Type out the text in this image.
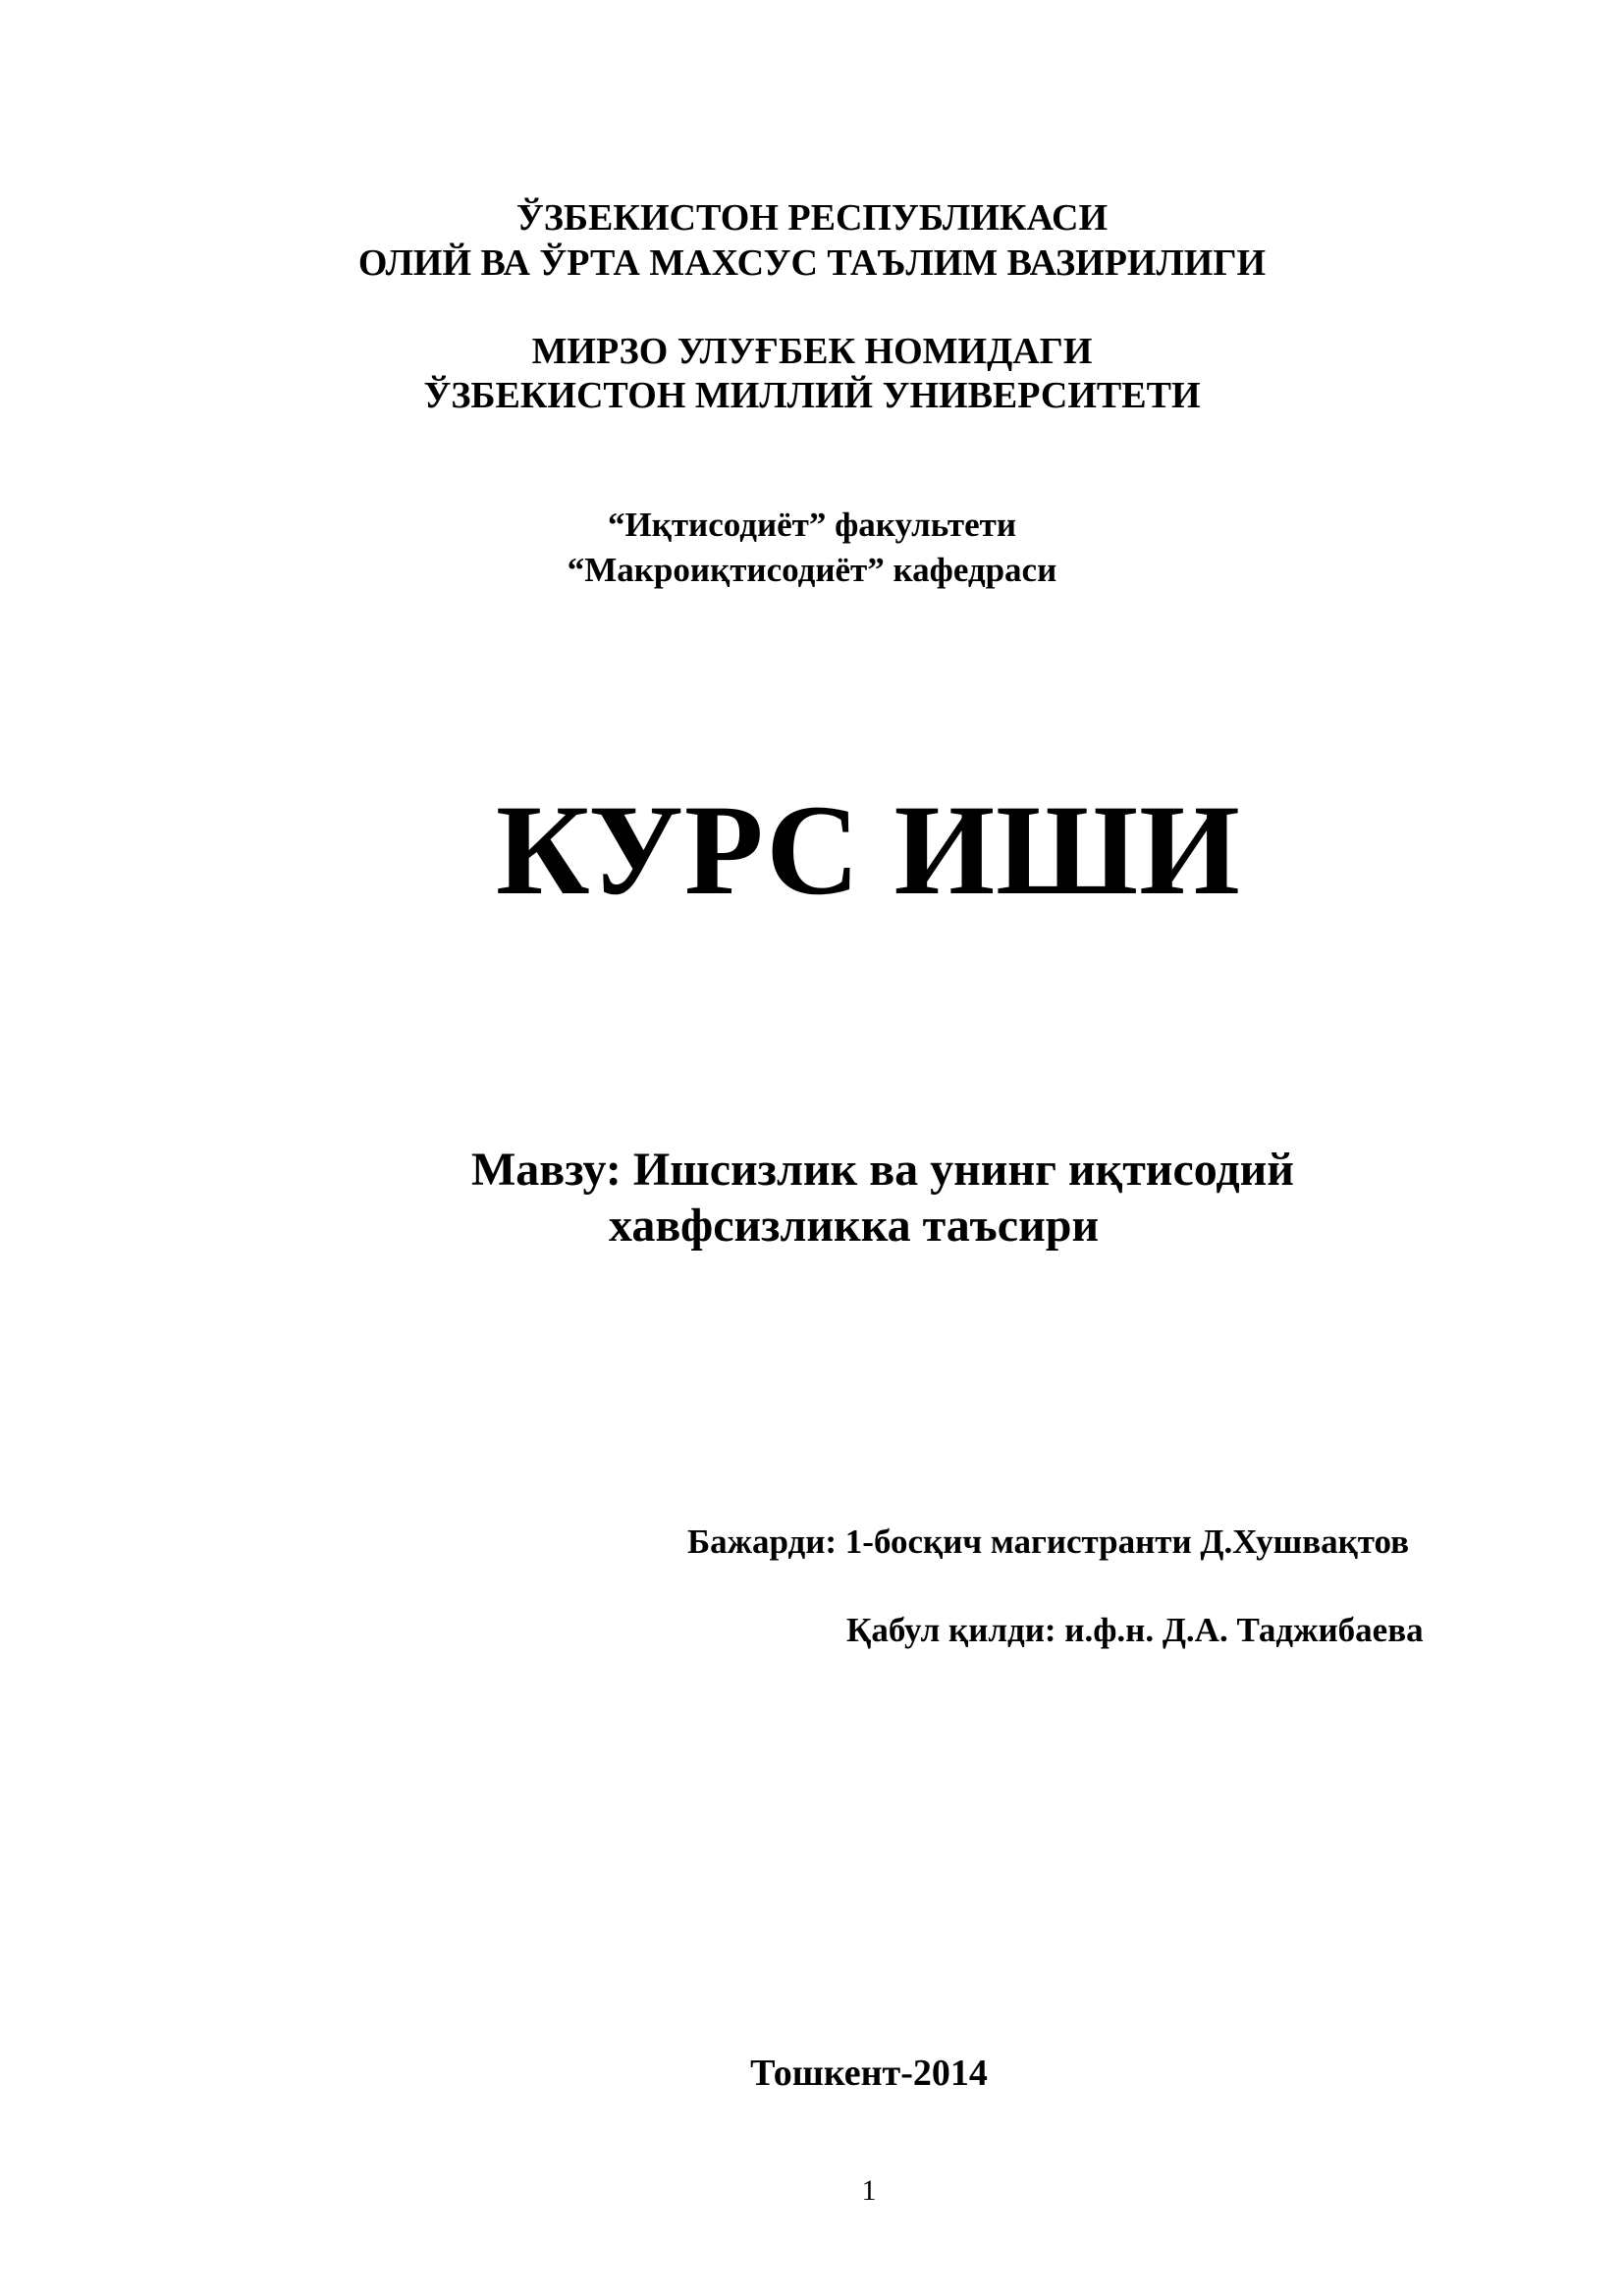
ЎЗБЕКИСТОН РЕСПУБЛИКАСИ
ОЛИЙ ВА ЎРТА МАХСУС ТАЪЛИМ ВАЗИРИЛИГИ
МИРЗО УЛУҒБЕК НОМИДАГИ
ЎЗБЕКИСТОН МИЛЛИЙ УНИВЕРСИТЕТИ
“Иқтисодиёт” факультети
“Макроиқтисодиёт” кафедраси
КУРС ИШИ
Мавзу: Ишсизлик ва унинг иқтисодий
хавфсизликка таъсири
Бажарди: 1-босқич магистранти Д.Хушвақтов
Қабул қилди: и.ф.н. Д.А. Таджибаева
Тошкент-2014
1
